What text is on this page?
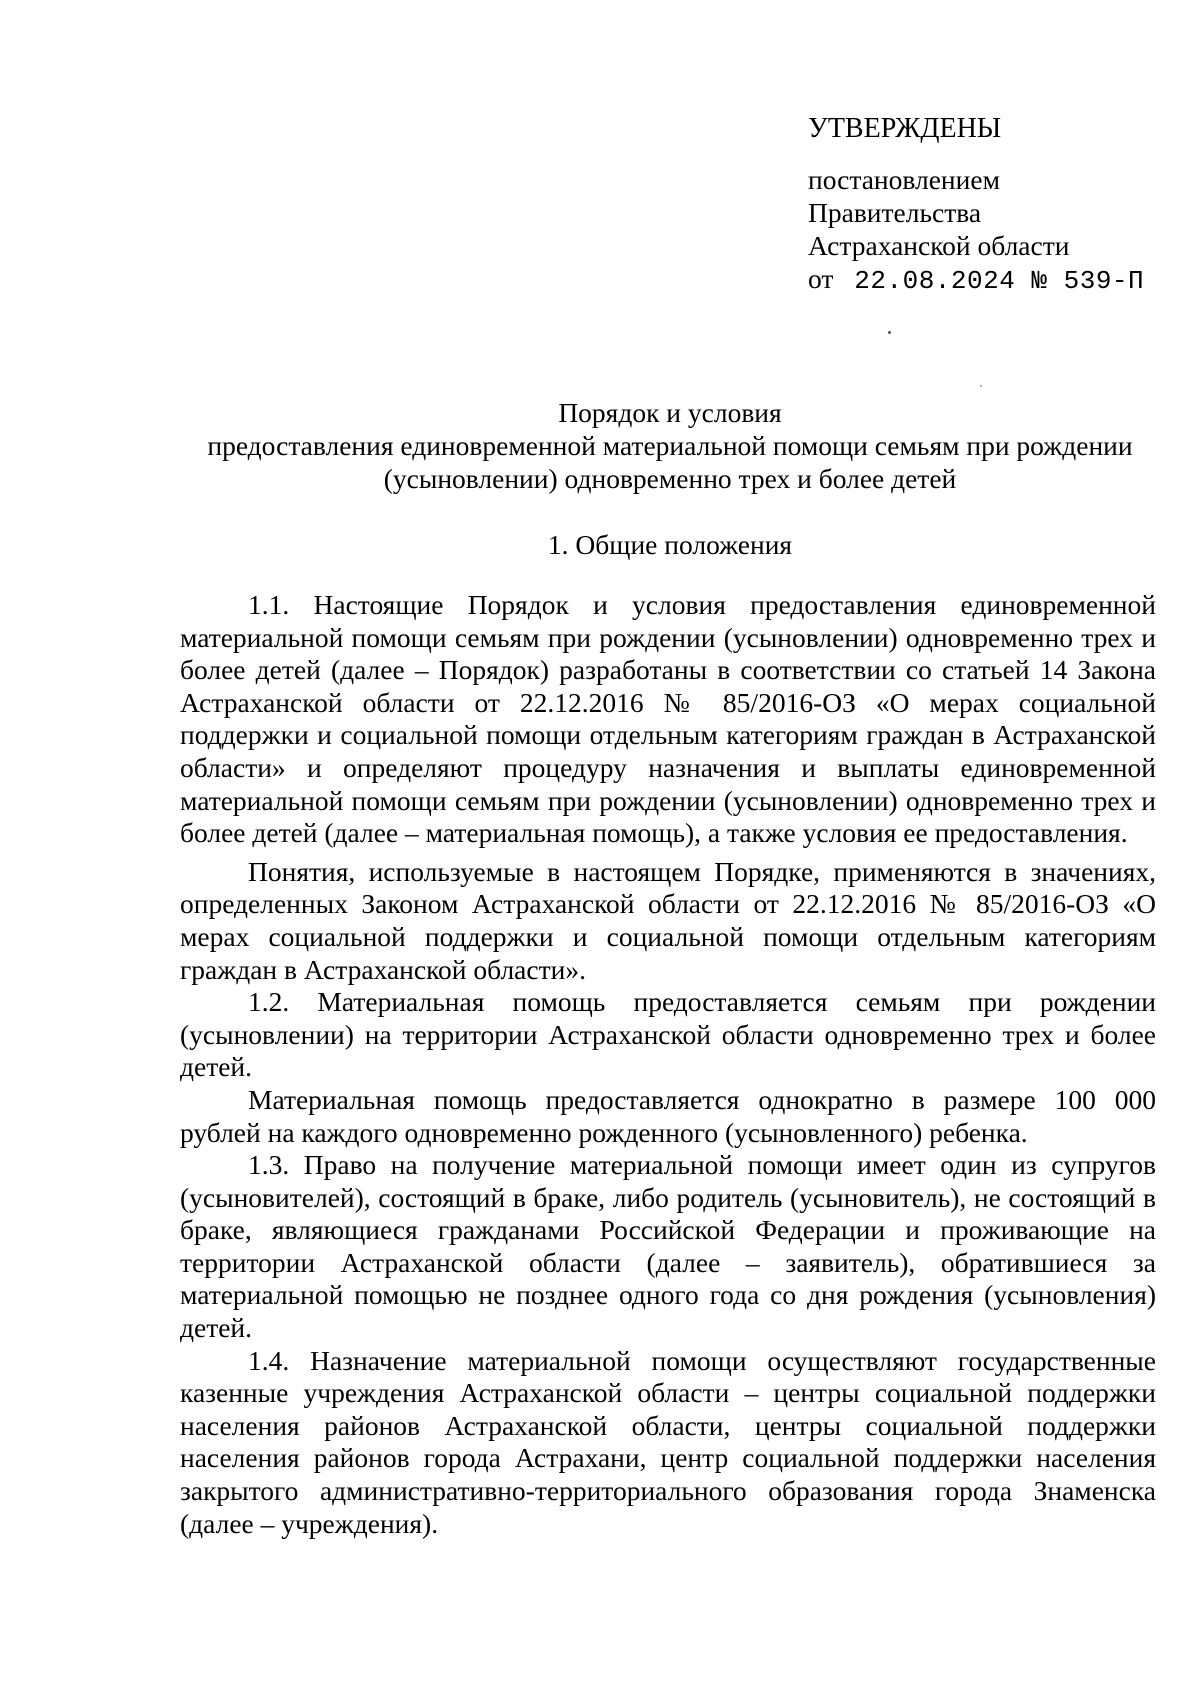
УТВЕРЖДЕНЫ
постановлением
Правительства
Астраханской области
от 22.08.2024 № 539-П
Порядок и условия
предоставления единовременной материальной помощи семьям при рождении
(усыновлении) одновременно трех и более детей
1. Общие положения

1.1. Настоящие Порядок и условия предоставления единовременной материальной помощи семьям при рождении (усыновлении) одновременно трех и более детей (далее – Порядок) разработаны в соответствии со статьей 14 Закона Астраханской области от 22.12.2016 № 85/2016-ОЗ «О мерах социальной поддержки и социальной помощи отдельным категориям граждан в Астраханской области» и определяют процедуру назначения и выплаты единовременной материальной помощи семьям при рождении (усыновлении) одновременно трех и более детей (далее – материальная помощь), а также условия ее предоставления.

Понятия, используемые в настоящем Порядке, применяются в значениях, определенных Законом Астраханской области от 22.12.2016 № 85/2016-ОЗ «О мерах социальной поддержки и социальной помощи отдельным категориям граждан в Астраханской области».

1.2. Материальная помощь предоставляется семьям при рождении (усыновлении) на территории Астраханской области одновременно трех и более детей.

Материальная помощь предоставляется однократно в размере 100 000 рублей на каждого одновременно рожденного (усыновленного) ребенка.

1.3. Право на получение материальной помощи имеет один из супругов (усыновителей), состоящий в браке, либо родитель (усыновитель), не состоящий в браке, являющиеся гражданами Российской Федерации и проживающие на территории Астраханской области (далее – заявитель), обратившиеся за материальной помощью не позднее одного года со дня рождения (усыновления) детей.

1.4. Назначение материальной помощи осуществляют государственные казенные учреждения Астраханской области – центры социальной поддержки населения районов Астраханской области, центры социальной поддержки населения районов города Астрахани, центр социальной поддержки населения закрытого административно-территориального образования города Знаменска (далее – учреждения).
